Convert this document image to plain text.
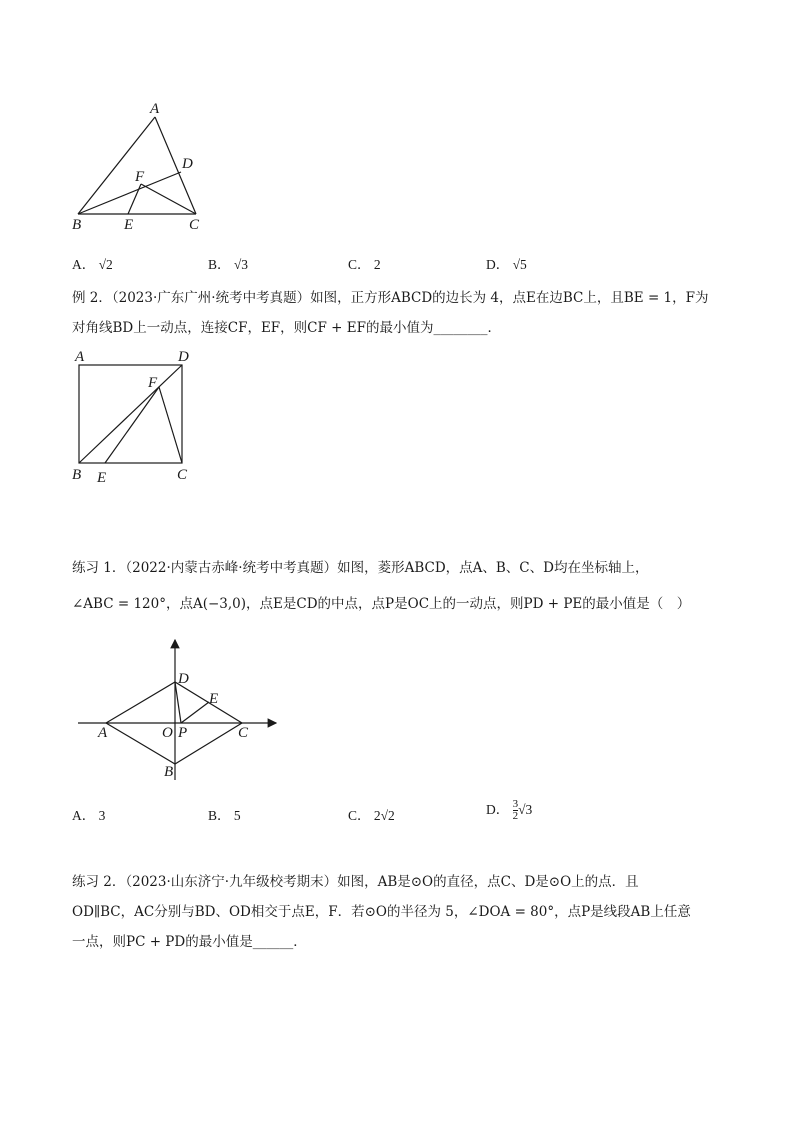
A
B	C
D
E
F
A． √2	B． √3	C． 2	D． √5
例 2．（2023·广东广州·统考中考真题）如图，正方形ABCD的边长为 4，点E在边BC上，且BE = 1，F为
对角线BD上一动点，连接CF，EF，则CF + EF的最小值为________．
A	D
B	C
E
F
练习 1．（2022·内蒙古赤峰·统考中考真题）如图，菱形ABCD，点A、B、C、D均在坐标轴上，
∠ABC = 120°，点A(−3,0)，点E是CD的中点，点P是OC上的一动点，则PD + PE的最小值是（　）
A
B
C
D
E
O P
A． 3	B． 5	C． 2√2	D． $\frac{3}{2} √3$
练习 2．（2023·山东济宁·九年级校考期末）如图，AB是⊙O的直径，点C、D是⊙O上的点．且
OD∥BC，AC分别与BD、OD相交于点E，F．若⊙O的半径为 5，∠DOA = 80°，点P是线段AB上任意
一点，则PC + PD的最小值是______．
